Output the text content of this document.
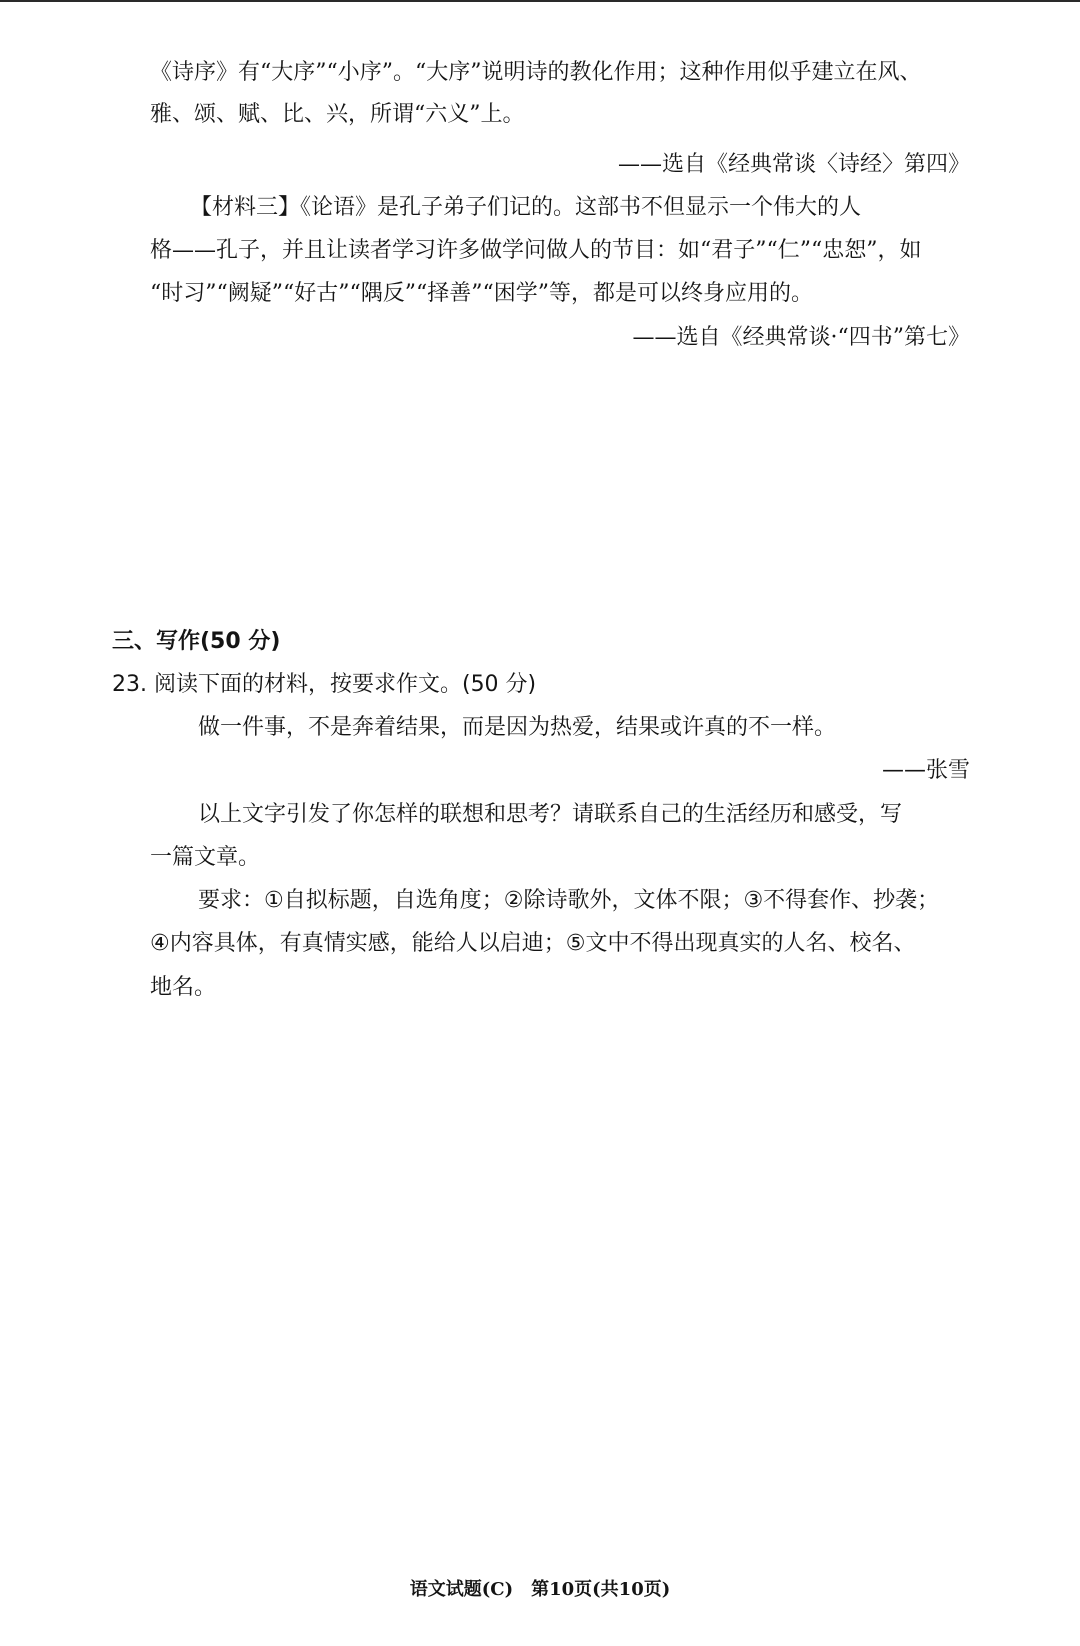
《诗序》有“大序”“小序”。“大序”说明诗的教化作用；这种作用似乎建立在风、

雅、颂、赋、比、兴，所谓“六义”上。

——选自《经典常谈〈诗经〉第四》

【材料三】《论语》是孔子弟子们记的。这部书不但显示一个伟大的人

格——孔子，并且让读者学习许多做学问做人的节目：如“君子”“仁”“忠恕”，如

“时习”“阙疑”“好古”“隅反”“择善”“困学”等，都是可以终身应用的。

——选自《经典常谈·“四书”第七》

三、写作(50 分)

23. 阅读下面的材料，按要求作文。(50 分)

做一件事，不是奔着结果，而是因为热爱，结果或许真的不一样。

——张雪

以上文字引发了你怎样的联想和思考？请联系自己的生活经历和感受，写

一篇文章。

要求：①自拟标题，自选角度；②除诗歌外，文体不限；③不得套作、抄袭；

④内容具体，有真情实感，能给人以启迪；⑤文中不得出现真实的人名、校名、

地名。

语文试题(C)　第10页(共10页)
